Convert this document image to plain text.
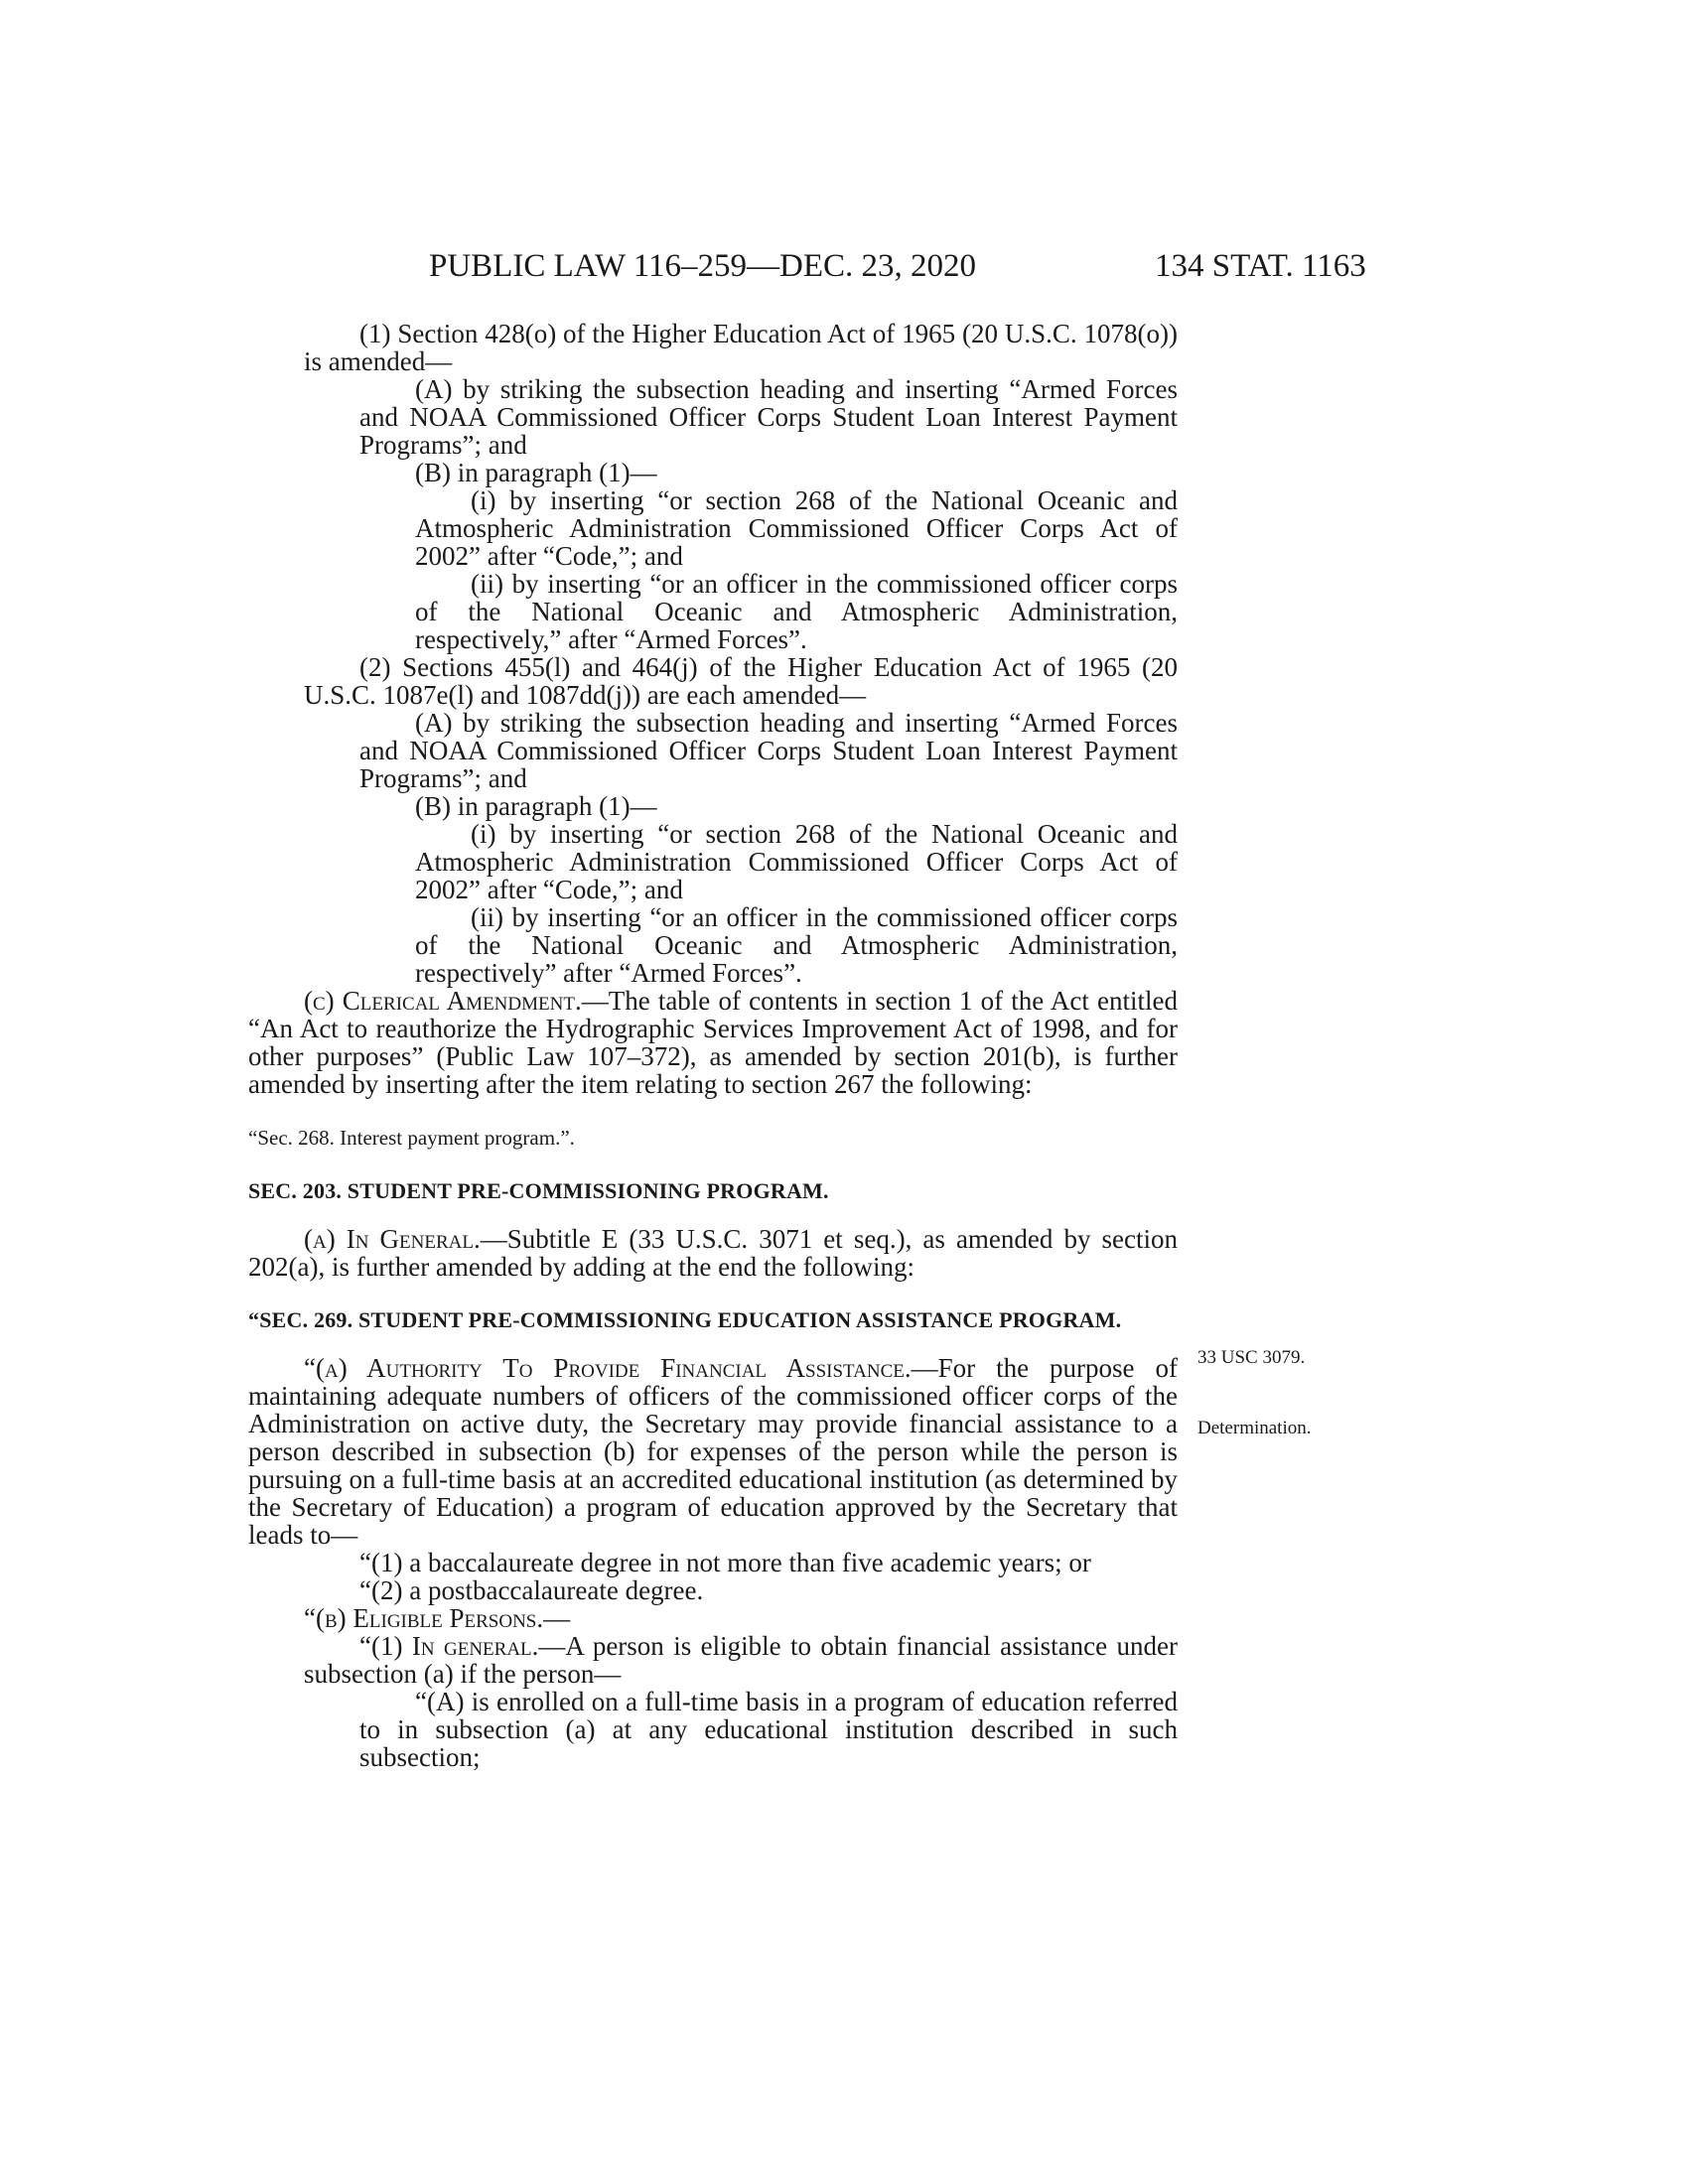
PUBLIC LAW 116–259—DEC. 23, 2020	134 STAT. 1163

(1) Section 428(o) of the Higher Education Act of 1965 (20 U.S.C. 1078(o)) is amended—

(A) by striking the subsection heading and inserting “Armed Forces and NOAA Commissioned Officer Corps Student Loan Interest Payment Programs”; and

(B) in paragraph (1)—

(i) by inserting “or section 268 of the National Oceanic and Atmospheric Administration Commissioned Officer Corps Act of 2002” after “Code,”; and

(ii) by inserting “or an officer in the commissioned officer corps of the National Oceanic and Atmospheric Administration, respectively,” after “Armed Forces”.

(2) Sections 455(l) and 464(j) of the Higher Education Act of 1965 (20 U.S.C. 1087e(l) and 1087dd(j)) are each amended—

(A) by striking the subsection heading and inserting “Armed Forces and NOAA Commissioned Officer Corps Student Loan Interest Payment Programs”; and

(B) in paragraph (1)—

(i) by inserting “or section 268 of the National Oceanic and Atmospheric Administration Commissioned Officer Corps Act of 2002” after “Code,”; and

(ii) by inserting “or an officer in the commissioned officer corps of the National Oceanic and Atmospheric Administration, respectively” after “Armed Forces”.

(c) Clerical Amendment.—The table of contents in section 1 of the Act entitled “An Act to reauthorize the Hydrographic Services Improvement Act of 1998, and for other purposes” (Public Law 107–372), as amended by section 201(b), is further amended by inserting after the item relating to section 267 the following:

“Sec. 268. Interest payment program.”.

SEC. 203. STUDENT PRE-COMMISSIONING PROGRAM.

(a) In General.—Subtitle E (33 U.S.C. 3071 et seq.), as amended by section 202(a), is further amended by adding at the end the following:

“SEC. 269. STUDENT PRE-COMMISSIONING EDUCATION ASSISTANCE PROGRAM.

“(a) Authority To Provide Financial Assistance.—For the purpose of maintaining adequate numbers of officers of the commissioned officer corps of the Administration on active duty, the Secretary may provide financial assistance to a person described in subsection (b) for expenses of the person while the person is pursuing on a full-time basis at an accredited educational institution (as determined by the Secretary of Education) a program of education approved by the Secretary that leads to—

“(1) a baccalaureate degree in not more than five academic years; or

“(2) a postbaccalaureate degree.

“(b) Eligible Persons.—

“(1) In general.—A person is eligible to obtain financial assistance under subsection (a) if the person—

“(A) is enrolled on a full-time basis in a program of education referred to in subsection (a) at any educational institution described in such subsection;

33 USC 3079.
Determination.
